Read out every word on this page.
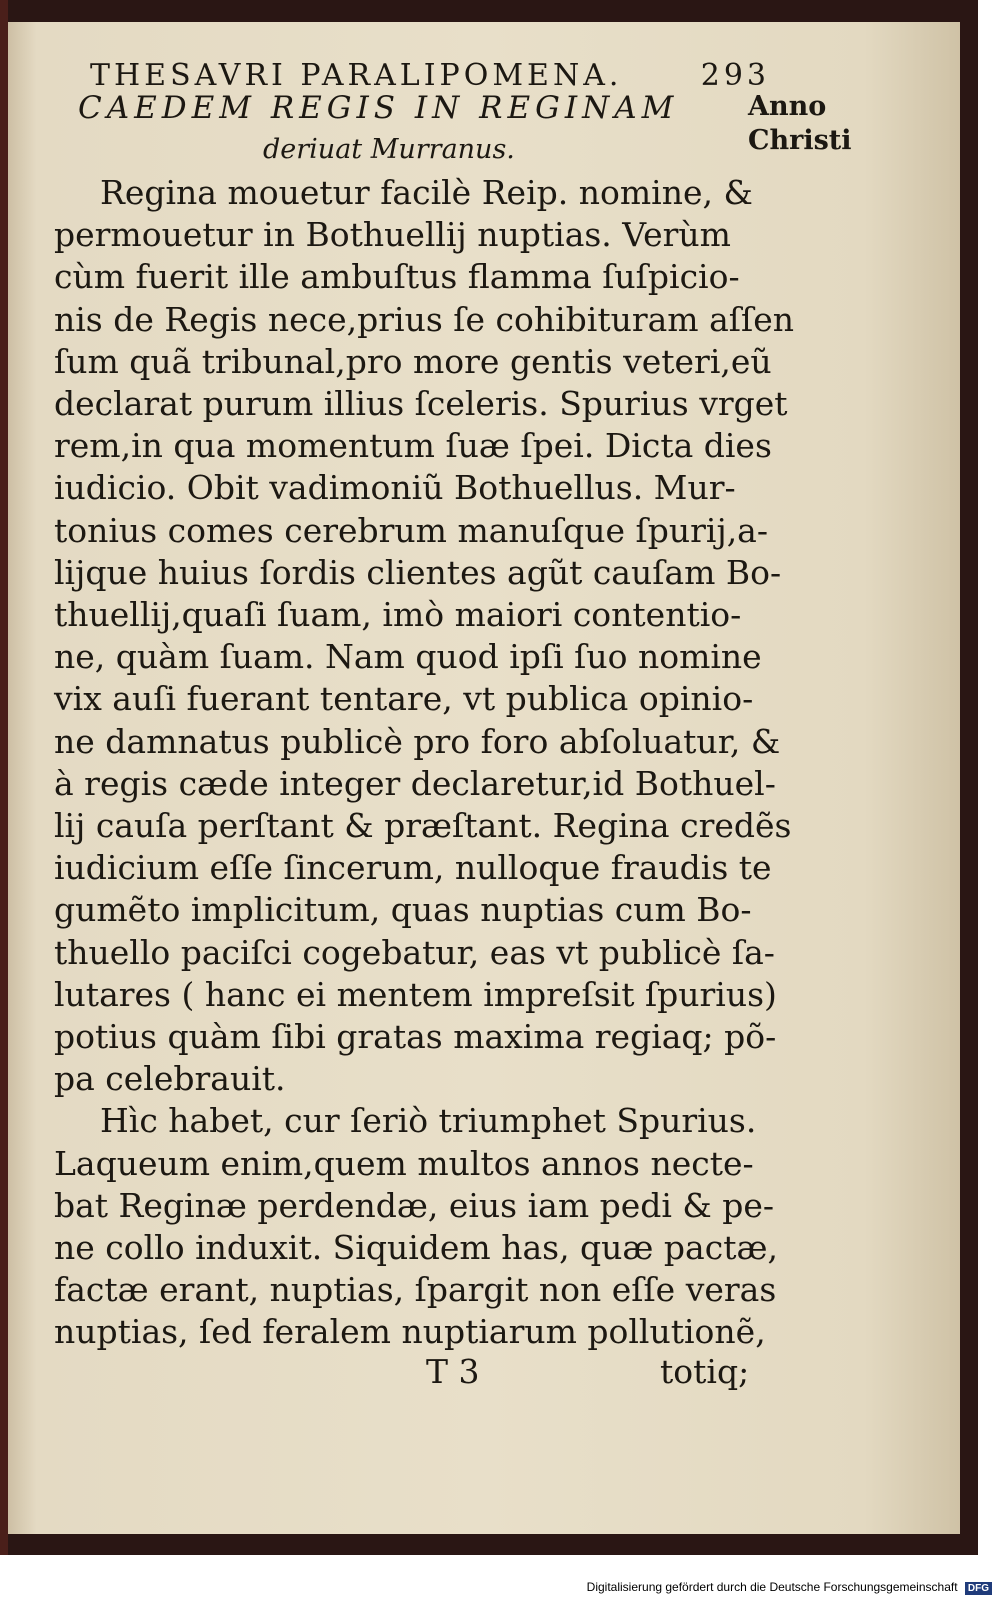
THESAVRI PARALIPOMENA.	293
CAEDEM REGIS IN REGINAM
deriuat Murranus.
Anno
Christi
Regina mouetur facilè Reip. nomine, &
permouetur in Bothuellij nuptias. Verùm
cùm fuerit ille ambuſtus flamma ſuſpicio-
nis de Regis nece,prius ſe cohibituram aſſen
ſum quã tribunal,pro more gentis veteri,eũ
declarat purum illius ſceleris. Spurius vrget
rem,in qua momentum ſuæ ſpei. Dicta dies
iudicio. Obit vadimoniũ Bothuellus. Mur-
tonius comes cerebrum manuſque ſpurij,a-
lijque huius ſordis clientes agũt cauſam Bo-
thuellij,quaſi ſuam, imò maiori contentio-
ne, quàm ſuam. Nam quod ipſi ſuo nomine
vix auſi fuerant tentare, vt publica opinio-
ne damnatus publicè pro foro abſoluatur, &
à regis cæde integer declaretur,id Bothuel-
lij cauſa perſtant & præſtant. Regina credẽs
iudicium eſſe ſincerum, nulloque fraudis te
gumẽto implicitum, quas nuptias cum Bo-
thuello paciſci cogebatur, eas vt publicè ſa-
lutares ( hanc ei mentem impreſsit ſpurius)
potius quàm ſibi gratas maxima regiaq; põ-
pa celebrauit.
Hìc habet, cur ſeriò triumphet Spurius.
Laqueum enim,quem multos annos necte-
bat Reginæ perdendæ, eius iam pedi & pe-
ne collo induxit. Siquidem has, quæ pactæ,
factæ erant, nuptias, ſpargit non eſſe veras
nuptias, ſed feralem nuptiarum pollutionẽ,
T 3	totiq;
Digitalisierung gefördert durch die Deutsche Forschungsgemeinschaft DFG
